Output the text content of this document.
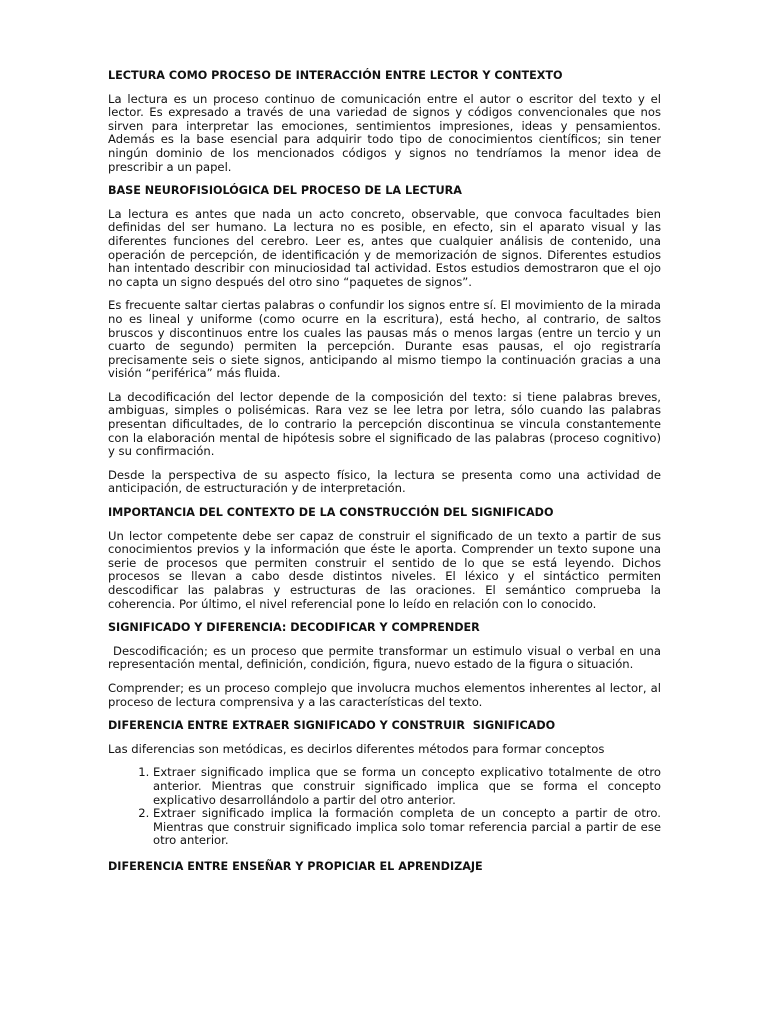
LECTURA COMO PROCESO DE INTERACCIÓN ENTRE LECTOR Y CONTEXTO

La lectura es un proceso continuo de comunicación entre el autor o escritor del texto y el lector. Es expresado a través de una variedad de signos y códigos convencionales que nos sirven para interpretar las emociones, sentimientos impresiones, ideas y pensamientos. Además es la base esencial para adquirir todo tipo de conocimientos científicos; sin tener ningún dominio de los mencionados códigos y signos no tendríamos la menor idea de prescribir a un papel.

BASE NEUROFISIOLÓGICA DEL PROCESO DE LA LECTURA

La lectura es antes que nada un acto concreto, observable, que convoca facultades bien definidas del ser humano. La lectura no es posible, en efecto, sin el aparato visual y las diferentes funciones del cerebro. Leer es, antes que cualquier análisis de contenido, una operación de percepción, de identificación y de memorización de signos. Diferentes estudios han intentado describir con minuciosidad tal actividad. Estos estudios demostraron que el ojo no capta un signo después del otro sino “paquetes de signos”.

Es frecuente saltar ciertas palabras o confundir los signos entre sí. El movimiento de la mirada no es lineal y uniforme (como ocurre en la escritura), está hecho, al contrario, de saltos bruscos y discontinuos entre los cuales las pausas más o menos largas (entre un tercio y un cuarto de segundo) permiten la percepción. Durante esas pausas, el ojo registraría precisamente seis o siete signos, anticipando al mismo tiempo la continuación gracias a una visión “periférica” más fluida.

La decodificación del lector depende de la composición del texto: si tiene palabras breves, ambiguas, simples o polisémicas. Rara vez se lee letra por letra, sólo cuando las palabras presentan dificultades, de lo contrario la percepción discontinua se vincula constantemente con la elaboración mental de hipótesis sobre el significado de las palabras (proceso cognitivo) y su confirmación.

Desde la perspectiva de su aspecto físico, la lectura se presenta como una actividad de anticipación, de estructuración y de interpretación.

IMPORTANCIA DEL CONTEXTO DE LA CONSTRUCCIÓN DEL SIGNIFICADO

Un lector competente debe ser capaz de construir el significado de un texto a partir de sus conocimientos previos y la información que éste le aporta. Comprender un texto supone una serie de procesos que permiten construir el sentido de lo que se está leyendo. Dichos procesos se llevan a cabo desde distintos niveles. El léxico y el sintáctico permiten descodificar las palabras y estructuras de las oraciones. El semántico comprueba la coherencia. Por último, el nivel referencial pone lo leído en relación con lo conocido.

SIGNIFICADO Y DIFERENCIA: DECODIFICAR Y COMPRENDER

Descodificación; es un proceso que permite transformar un estimulo visual o verbal en una representación mental, definición, condición, figura, nuevo estado de la figura o situación.

Comprender; es un proceso complejo que involucra muchos elementos inherentes al lector, al proceso de lectura comprensiva y a las características del texto.

DIFERENCIA ENTRE EXTRAER SIGNIFICADO Y CONSTRUIR  SIGNIFICADO

Las diferencias son metódicas, es decirlos diferentes métodos para formar conceptos

1. Extraer significado implica que se forma un concepto explicativo totalmente de otro anterior. Mientras que construir significado implica que se forma el concepto explicativo desarrollándolo a partir del otro anterior.
2. Extraer significado implica la formación completa de un concepto a partir de otro. Mientras que construir significado implica solo tomar referencia parcial a partir de ese otro anterior.
DIFERENCIA ENTRE ENSEÑAR Y PROPICIAR EL APRENDIZAJE
